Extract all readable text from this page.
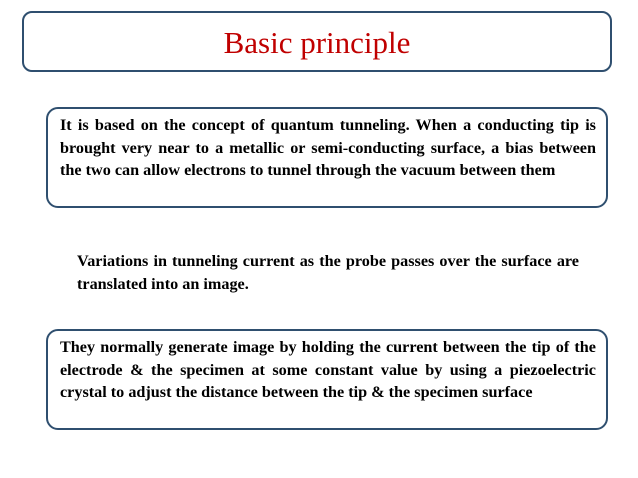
Basic principle

It is based on the concept of quantum tunneling. When a conducting tip is brought very near to a metallic or semi-conducting surface, a bias between the two can allow electrons to tunnel through the vacuum between them

Variations in tunneling current as the probe passes over the surface are translated into an image.

They normally generate image by holding the current between the tip of the electrode & the specimen at some constant value by using a piezoelectric crystal to adjust the distance between the tip & the specimen surface
